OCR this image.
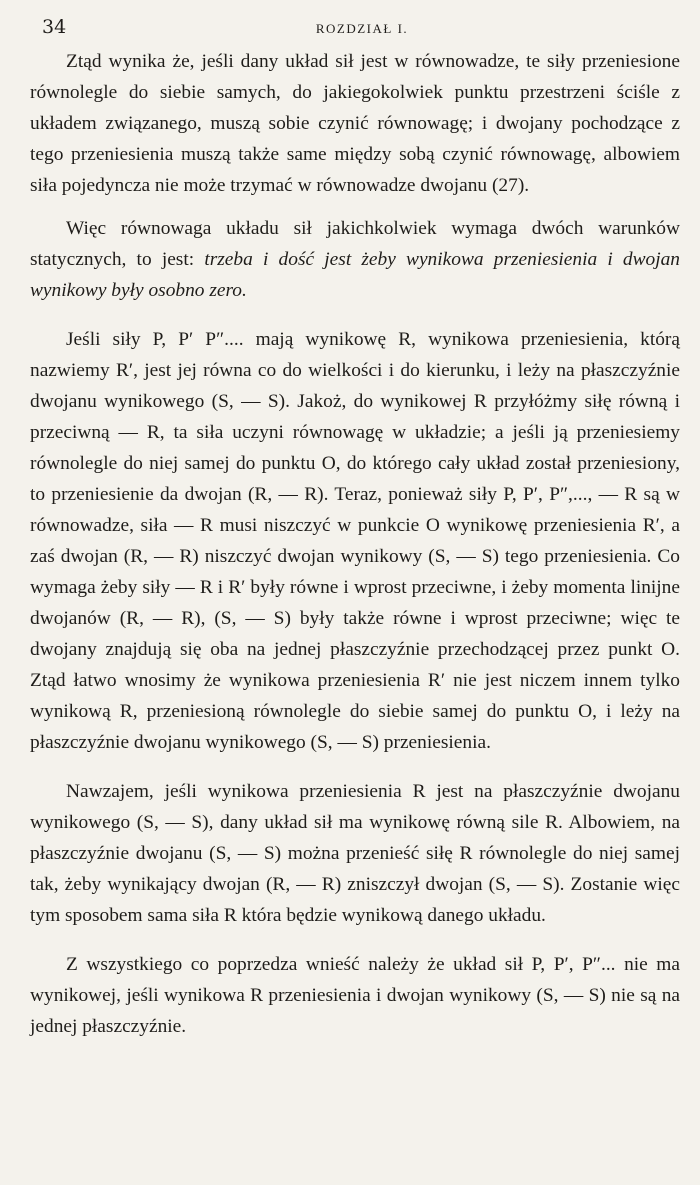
34	ROZDZIAŁ I.

Ztąd wynika że, jeśli dany układ sił jest w równowadze, te siły przeniesione równolegle do siebie samych, do jakiegokolwiek punktu przestrzeni ściśle z układem związanego, muszą sobie czynić równowagę; i dwojany pochodzące z tego przeniesienia muszą także same między sobą czynić równowagę, albowiem siła pojedyncza nie może trzymać w równowadze dwojanu (27).

Więc równowaga układu sił jakichkolwiek wymaga dwóch warunków statycznych, to jest: trzeba i dość jest żeby wynikowa przeniesienia i dwojan wynikowy były osobno zero.

Jeśli siły P, P′ P″.... mają wynikowę R, wynikowa przeniesienia, którą nazwiemy R′, jest jej równa co do wielkości i do kierunku, i leży na płaszczyźnie dwojanu wynikowego (S, — S). Jakoż, do wynikowej R przyłóżmy siłę równą i przeciwną — R, ta siła uczyni równowagę w układzie; a jeśli ją przeniesiemy równolegle do niej samej do punktu O, do którego cały układ został przeniesiony, to przeniesienie da dwojan (R, — R). Teraz, ponieważ siły P, P′, P″,..., — R są w równowadze, siła — R musi niszczyć w punkcie O wynikowę przeniesienia R′, a zaś dwojan (R, — R) niszczyć dwojan wynikowy (S, — S) tego przeniesienia. Co wymaga żeby siły — R i R′ były równe i wprost przeciwne, i żeby momenta linijne dwojanów (R, — R), (S, — S) były także równe i wprost przeciwne; więc te dwojany znajdują się oba na jednej płaszczyźnie przechodzącej przez punkt O. Ztąd łatwo wnosimy że wynikowa przeniesienia R′ nie jest niczem innem tylko wynikową R, przeniesioną równolegle do siebie samej do punktu O, i leży na płaszczyźnie dwojanu wynikowego (S, — S) przeniesienia.

Nawzajem, jeśli wynikowa przeniesienia R jest na płaszczyźnie dwojanu wynikowego (S, — S), dany układ sił ma wynikowę równą sile R. Albowiem, na płaszczyźnie dwojanu (S, — S) można przenieść siłę R równolegle do niej samej tak, żeby wynikający dwojan (R, — R) zniszczył dwojan (S, — S). Zostanie więc tym sposobem sama siła R która będzie wynikową danego układu.

Z wszystkiego co poprzedza wnieść należy że układ sił P, P′, P″... nie ma wynikowej, jeśli wynikowa R przeniesienia i dwojan wynikowy (S, — S) nie są na jednej płaszczyźnie.
